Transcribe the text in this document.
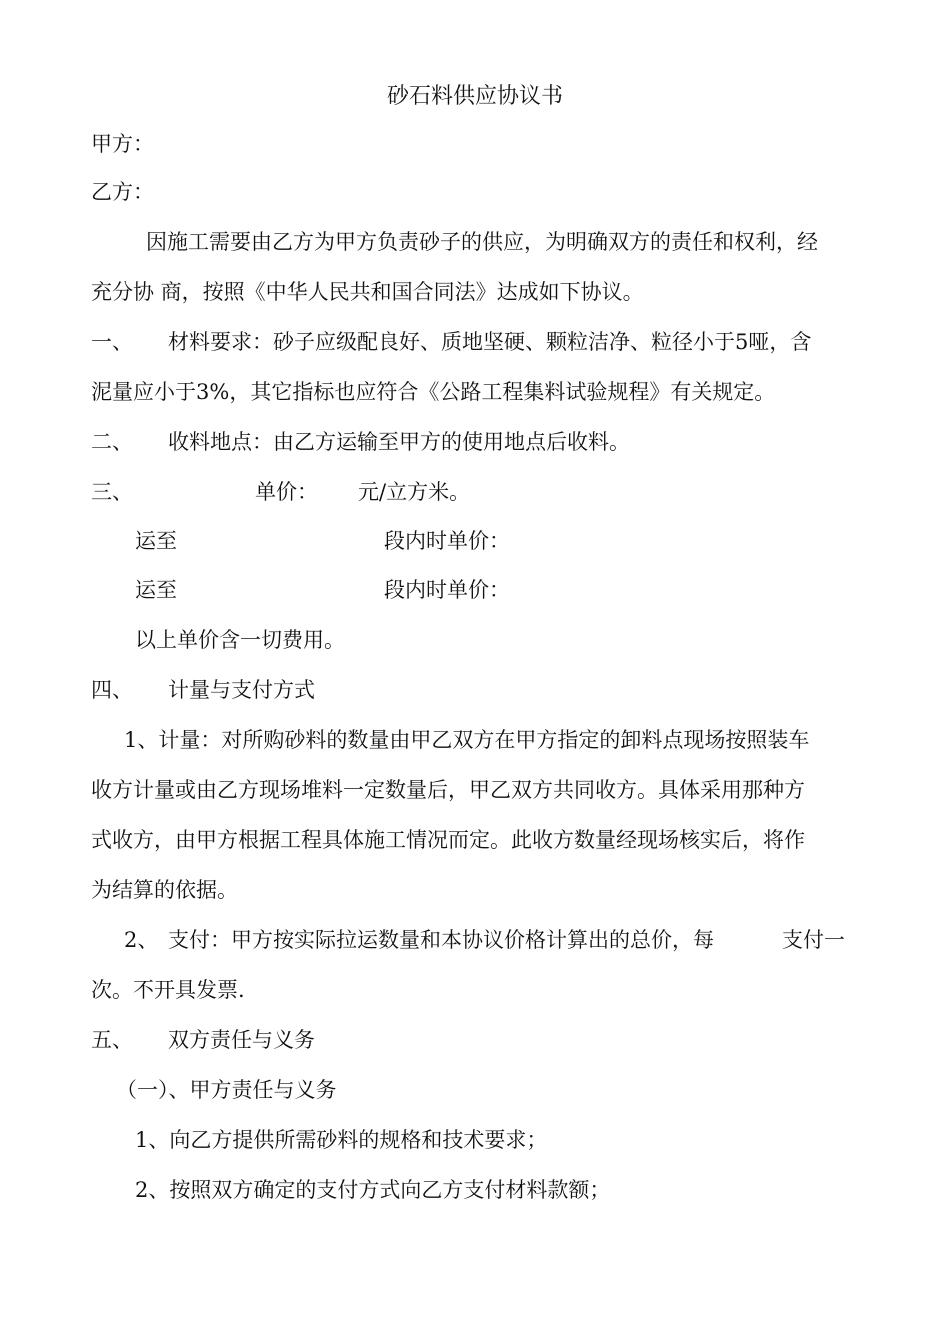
砂石料供应协议书
甲方：
乙方：
因施工需要由乙方为甲方负责砂子的供应，为明确双方的责任和权利，经
充分协 商，按照《中华人民共和国合同法》达成如下协议。
一、 材料要求：砂子应级配良好、质地坚硬、颗粒洁净、粒径小于5哑，含
泥量应小于3%，其它指标也应符合《公路工程集料试验规程》有关规定。
二、 收料地点：由乙方运输至甲方的使用地点后收料。
三、	单价： 元/立方米。
运至	段内时单价：
运至	段内时单价：
以上单价含一切费用。
四、 计量与支付方式
1、计量：对所购砂料的数量由甲乙双方在甲方指定的卸料点现场按照装车
收方计量或由乙方现场堆料一定数量后，甲乙双方共同收方。具体采用那种方
式收方，由甲方根据工程具体施工情况而定。此收方数量经现场核实后，将作
为结算的依据。
2、 支付：甲方按实际拉运数量和本协议价格计算出的总价，每	支付一
次。不开具发票.
五、 双方责任与义务
（一）、甲方责任与义务
1、向乙方提供所需砂料的规格和技术要求；
2、按照双方确定的支付方式向乙方支付材料款额；
